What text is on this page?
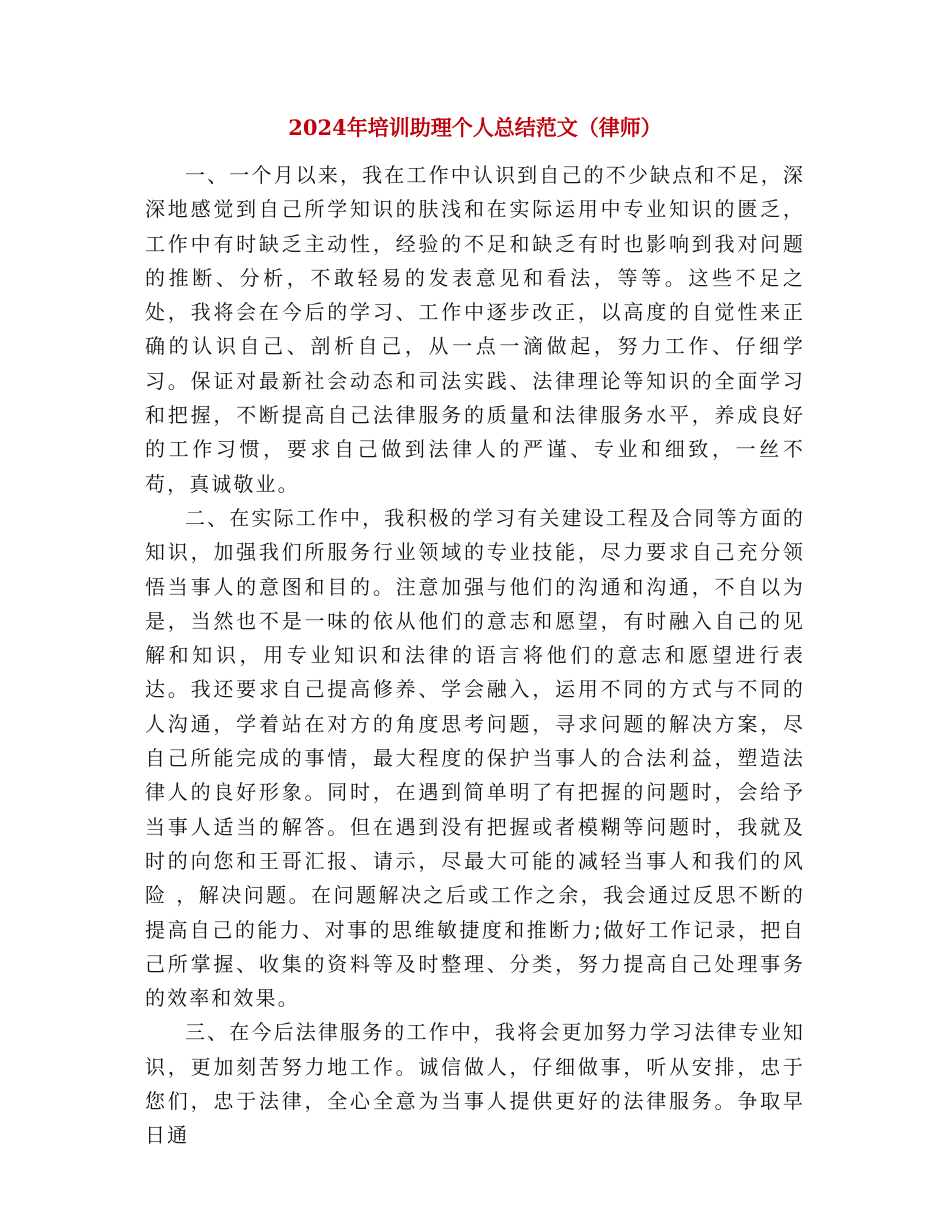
2024年培训助理个人总结范文（律师）

一、一个月以来，我在工作中认识到自己的不少缺点和不足，深深地感觉到自己所学知识的肤浅和在实际运用中专业知识的匮乏，工作中有时缺乏主动性，经验的不足和缺乏有时也影响到我对问题的推断、分析，不敢轻易的发表意见和看法，等等。这些不足之处，我将会在今后的学习、工作中逐步改正，以高度的自觉性来正确的认识自己、剖析自己，从一点一滴做起，努力工作、仔细学习。保证对最新社会动态和司法实践、法律理论等知识的全面学习和把握，不断提高自己法律服务的质量和法律服务水平，养成良好的工作习惯，要求自己做到法律人的严谨、专业和细致，一丝不苟，真诚敬业。

二、在实际工作中，我积极的学习有关建设工程及合同等方面的知识，加强我们所服务行业领域的专业技能，尽力要求自己充分领悟当事人的意图和目的。注意加强与他们的沟通和沟通，不自以为是，当然也不是一味的依从他们的意志和愿望，有时融入自己的见解和知识，用专业知识和法律的语言将他们的意志和愿望进行表达。我还要求自己提高修养、学会融入，运用不同的方式与不同的人沟通，学着站在对方的角度思考问题，寻求问题的解决方案，尽自己所能完成的事情，最大程度的保护当事人的合法利益，塑造法律人的良好形象。同时，在遇到简单明了有把握的问题时，会给予当事人适当的解答。但在遇到没有把握或者模糊等问题时，我就及时的向您和王哥汇报、请示，尽最大可能的减轻当事人和我们的风险 ，解决问题。在问题解决之后或工作之余，我会通过反思不断的提高自己的能力、对事的思维敏捷度和推断力;做好工作记录，把自己所掌握、收集的资料等及时整理、分类，努力提高自己处理事务的效率和效果。

三、在今后法律服务的工作中，我将会更加努力学习法律专业知识，更加刻苦努力地工作。诚信做人，仔细做事，听从安排，忠于您们，忠于法律，全心全意为当事人提供更好的法律服务。争取早日通
